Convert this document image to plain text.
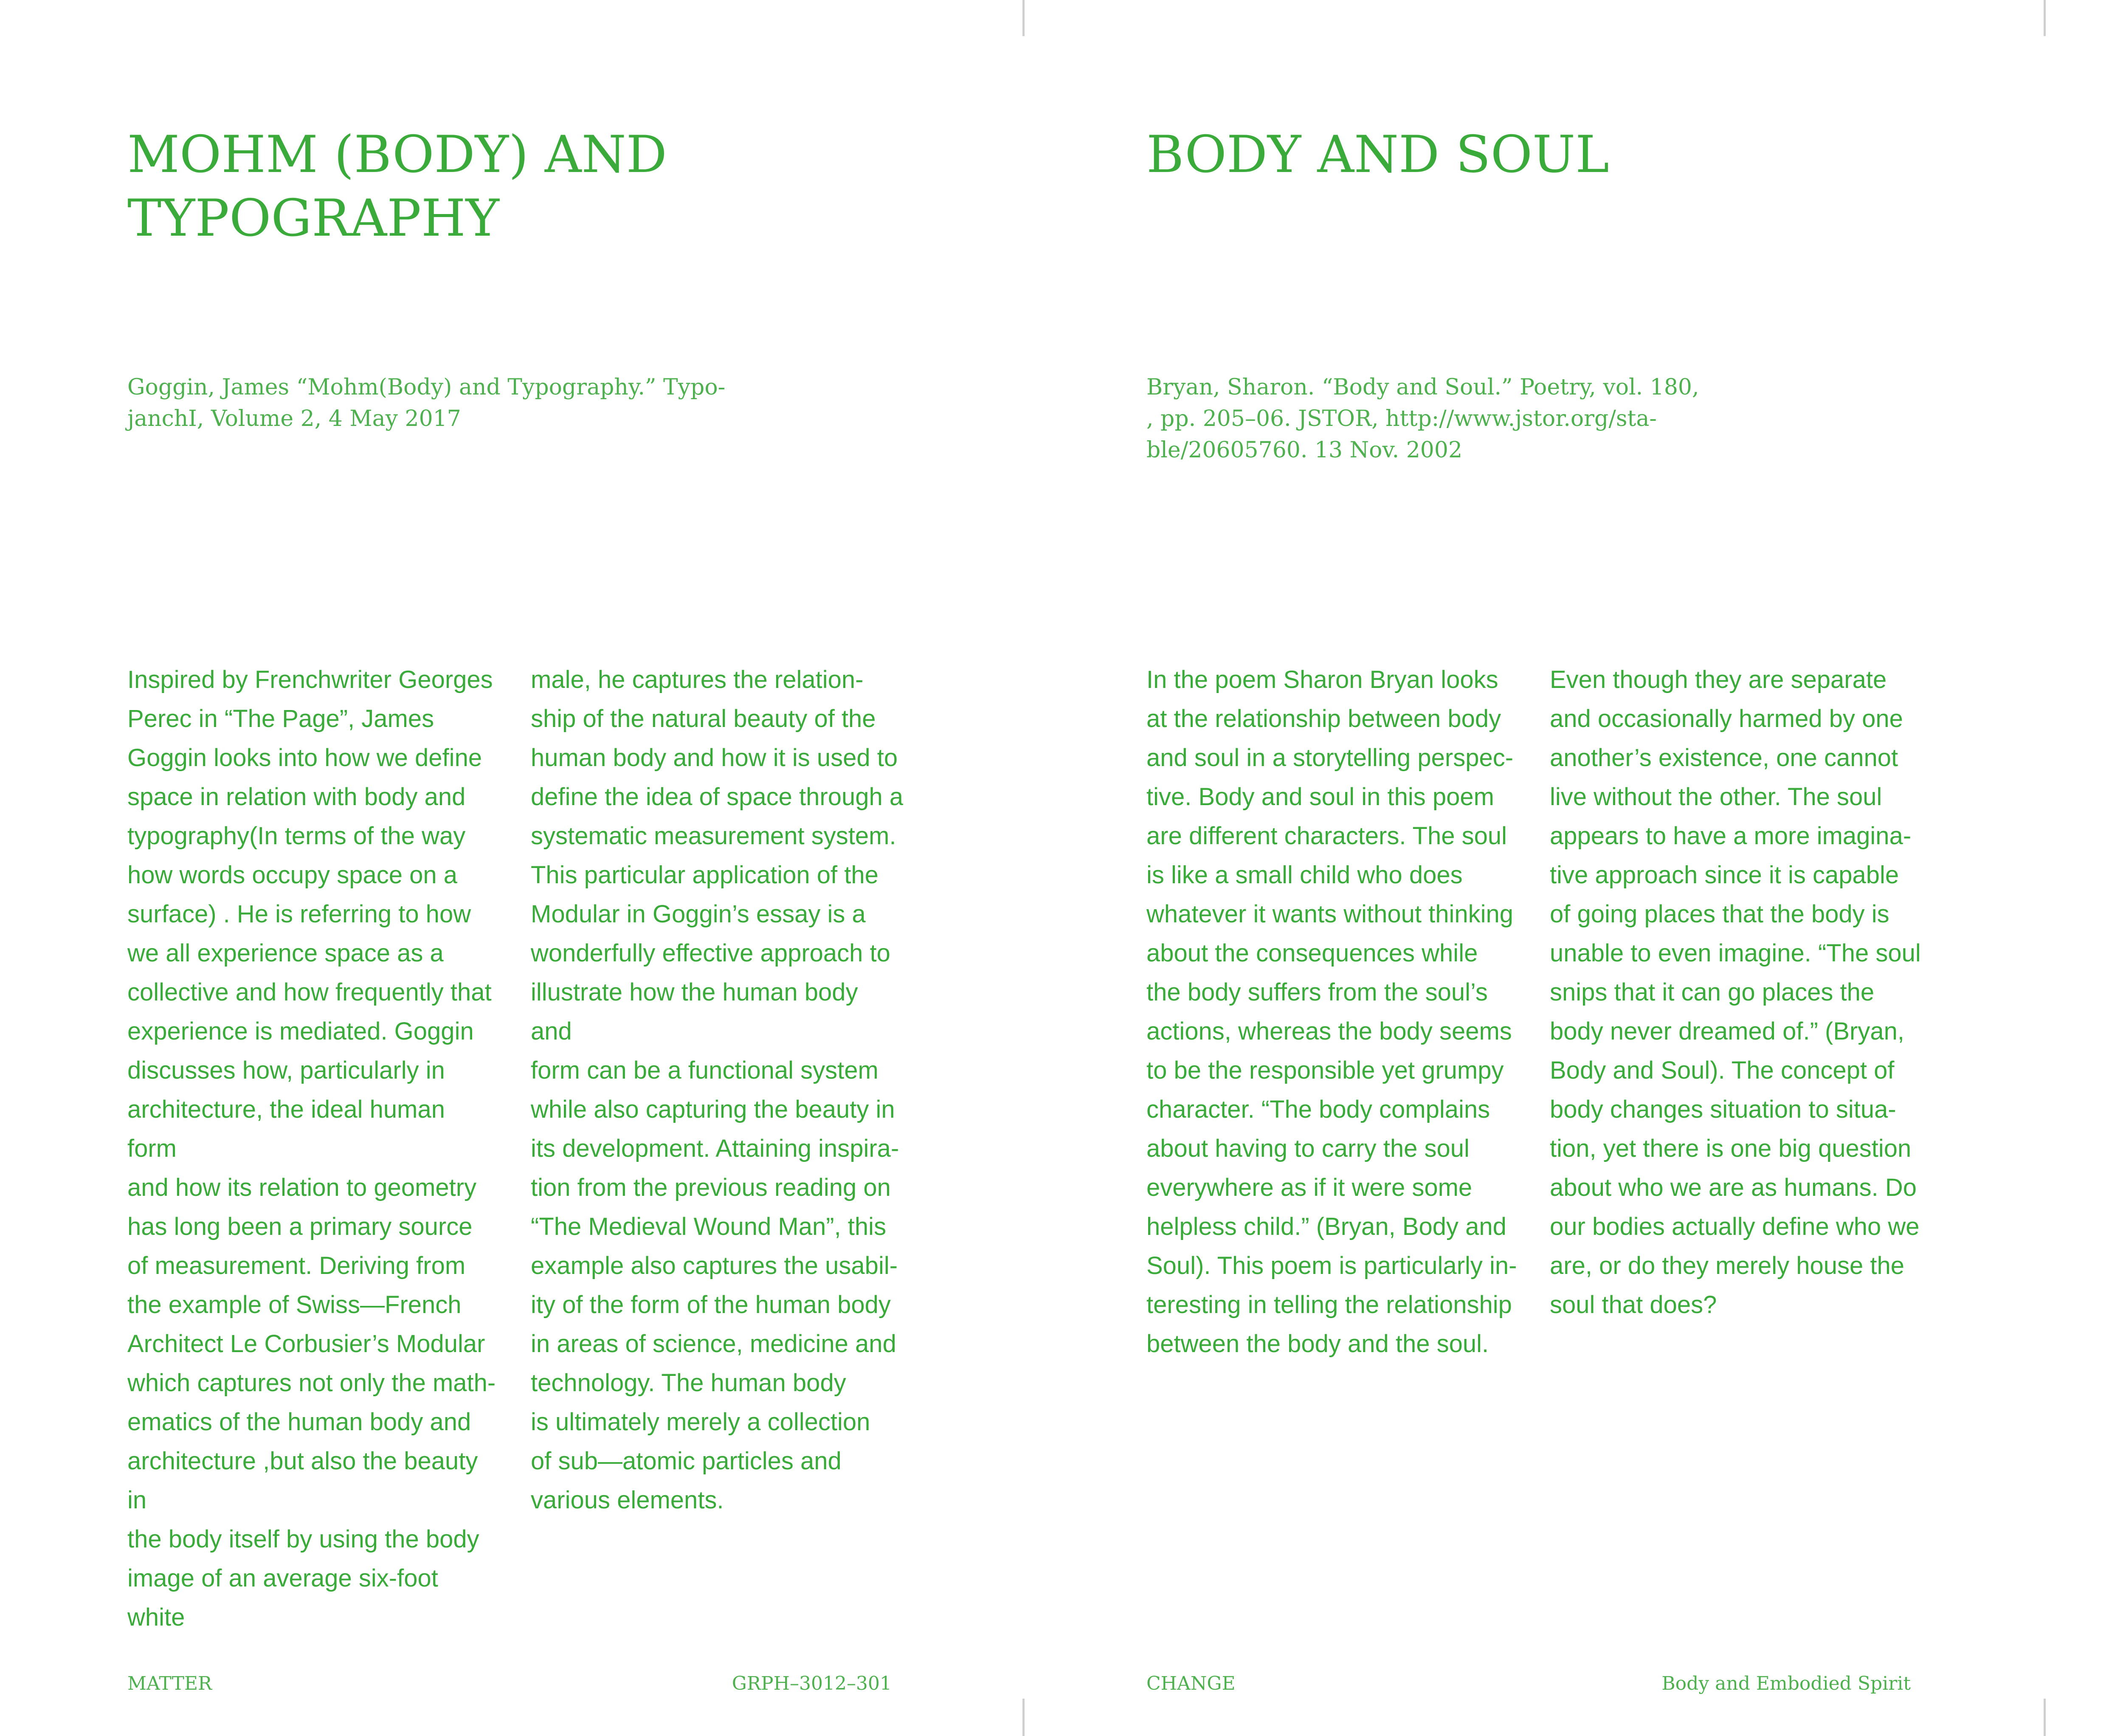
MOHM (BODY) AND
TYPOGRAPHY

Goggin, James “Mohm(Body) and Typography.” Typo-
janchI, Volume 2, 4 May 2017

Inspired by Frenchwriter Georges
Perec in “The Page”, James
Goggin looks into how we define
space in relation with body and
typography(In terms of the way
how words occupy space on a
surface) . He is referring to how
we all experience space as a
collective and how frequently that
experience is mediated. Goggin
discusses how, particularly in
architecture, the ideal human form
and how its relation to geometry
has long been a primary source
of measurement. Deriving from
the example of Swiss—French
Architect Le Corbusier’s Modular
which captures not only the math-
ematics of the human body and
architecture ,but also the beauty in
the body itself by using the body
image of an average six-foot white

male, he captures the relation-
ship of the natural beauty of the
human body and how it is used to
define the idea of space through a
systematic measurement system.
This particular application of the
Modular in Goggin’s essay is a
wonderfully effective approach to
illustrate how the human body and
form can be a functional system
while also capturing the beauty in
its development. Attaining inspira-
tion from the previous reading on
“The Medieval Wound Man”, this
example also captures the usabil-
ity of the form of the human body
in areas of science, medicine and
technology. The human body
is ultimately merely a collection
of sub—atomic particles and
various elements.

MATTER	GRPH–3012–301
BODY AND SOUL

Bryan, Sharon. “Body and Soul.” Poetry, vol. 180,
, pp. 205–06. JSTOR, http://www.jstor.org/sta-
ble/20605760. 13 Nov. 2002

In the poem Sharon Bryan looks
at the relationship between body
and soul in a storytelling perspec-
tive. Body and soul in this poem
are different characters. The soul
is like a small child who does
whatever it wants without thinking
about the consequences while
the body suffers from the soul’s
actions, whereas the body seems
to be the responsible yet grumpy
character. “The body complains
about having to carry the soul
everywhere as if it were some
helpless child.” (Bryan, Body and
Soul). This poem is particularly in-
teresting in telling the relationship
between the body and the soul.

Even though they are separate
and occasionally harmed by one
another’s existence, one cannot
live without the other. The soul
appears to have a more imagina-
tive approach since it is capable
of going places that the body is
unable to even imagine. “The soul
snips that it can go places the
body never dreamed of.” (Bryan,
Body and Soul). The concept of
body changes situation to situa-
tion, yet there is one big question
about who we are as humans. Do
our bodies actually define who we
are, or do they merely house the
soul that does?

CHANGE	Body and Embodied Spirit
